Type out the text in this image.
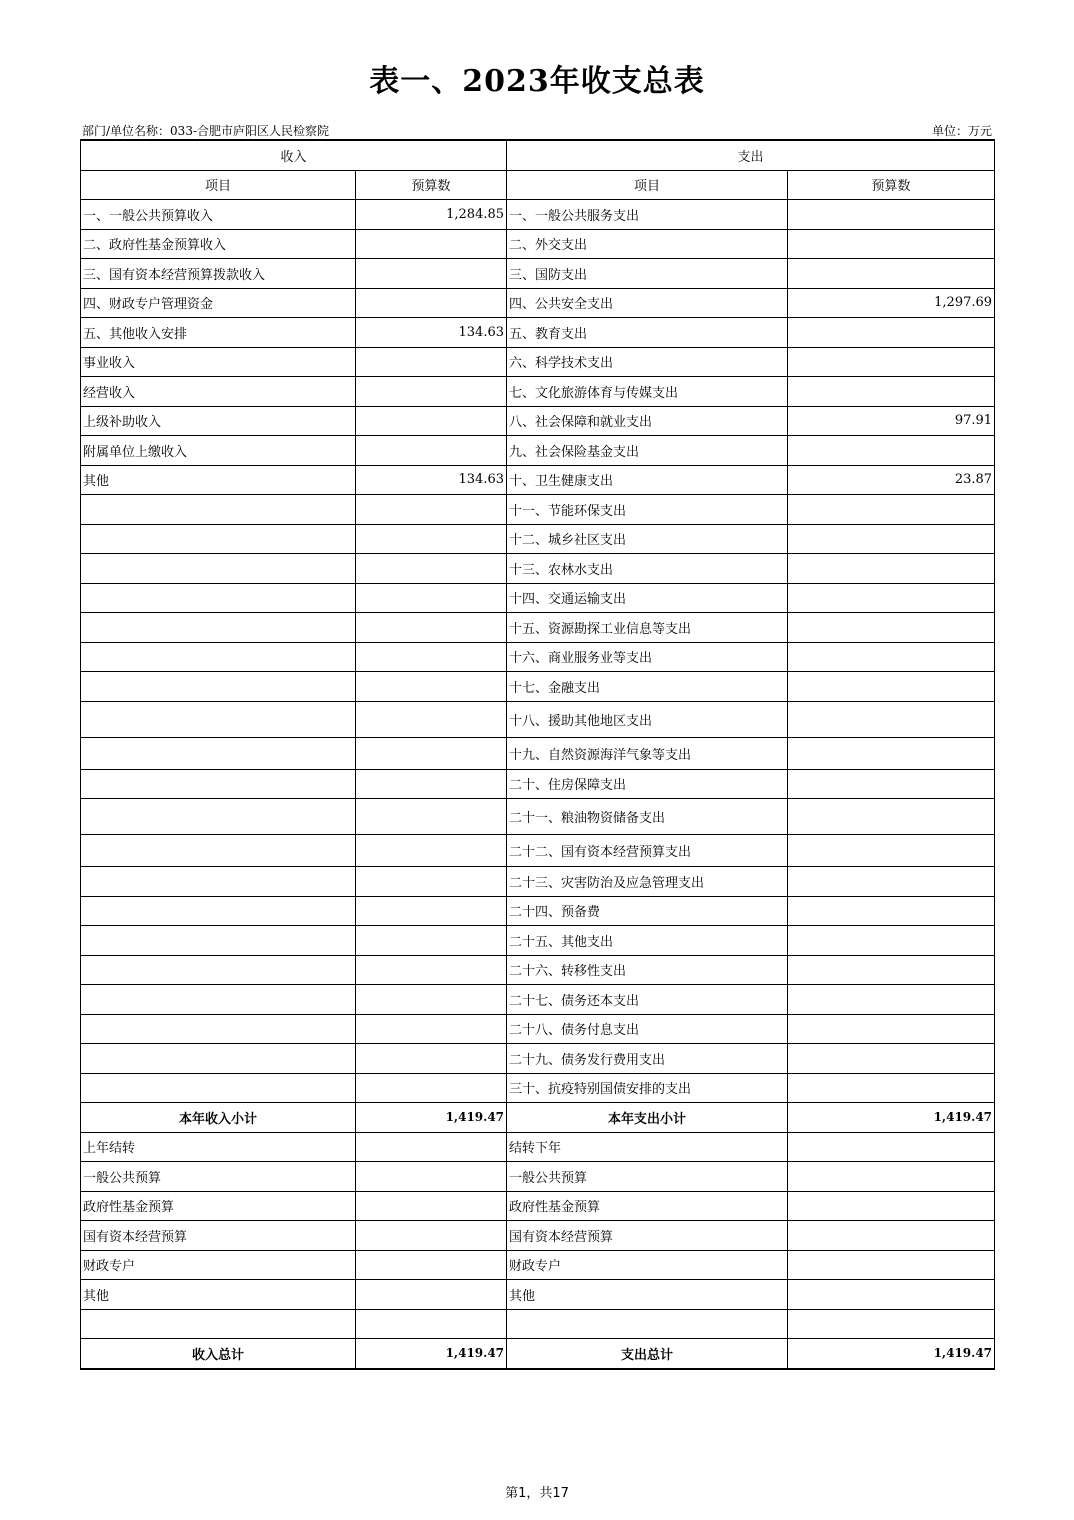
表一、2023年收支总表
部门/单位名称：033-合肥市庐阳区人民检察院	单位：万元
收入		支出	
项目	预算数	项目	预算数
一、一般公共预算收入	1,284.85	一、一般公共服务支出	
二、政府性基金预算收入		二、外交支出	
三、国有资本经营预算拨款收入		三、国防支出	
四、财政专户管理资金		四、公共安全支出	1,297.69
五、其他收入安排	134.63	五、教育支出	
事业收入		六、科学技术支出	
经营收入		七、文化旅游体育与传媒支出	
上级补助收入		八、社会保障和就业支出	97.91
附属单位上缴收入		九、社会保险基金支出	
其他	134.63	十、卫生健康支出	23.87
		十一、节能环保支出	
		十二、城乡社区支出	
		十三、农林水支出	
		十四、交通运输支出	
		十五、资源勘探工业信息等支出	
		十六、商业服务业等支出	
		十七、金融支出	
		十八、援助其他地区支出	
		十九、自然资源海洋气象等支出	
		二十、住房保障支出	
		二十一、粮油物资储备支出	
		二十二、国有资本经营预算支出	
		二十三、灾害防治及应急管理支出	
		二十四、预备费	
		二十五、其他支出	
		二十六、转移性支出	
		二十七、债务还本支出	
		二十八、债务付息支出	
		二十九、债务发行费用支出	
		三十、抗疫特别国债安排的支出	
本年收入小计	1,419.47	本年支出小计	1,419.47
上年结转		结转下年	
一般公共预算		一般公共预算	
政府性基金预算		政府性基金预算	
国有资本经营预算		国有资本经营预算	
财政专户		财政专户	
其他		其他	

收入总计	1,419.47	支出总计	1,419.47
第1，共17
